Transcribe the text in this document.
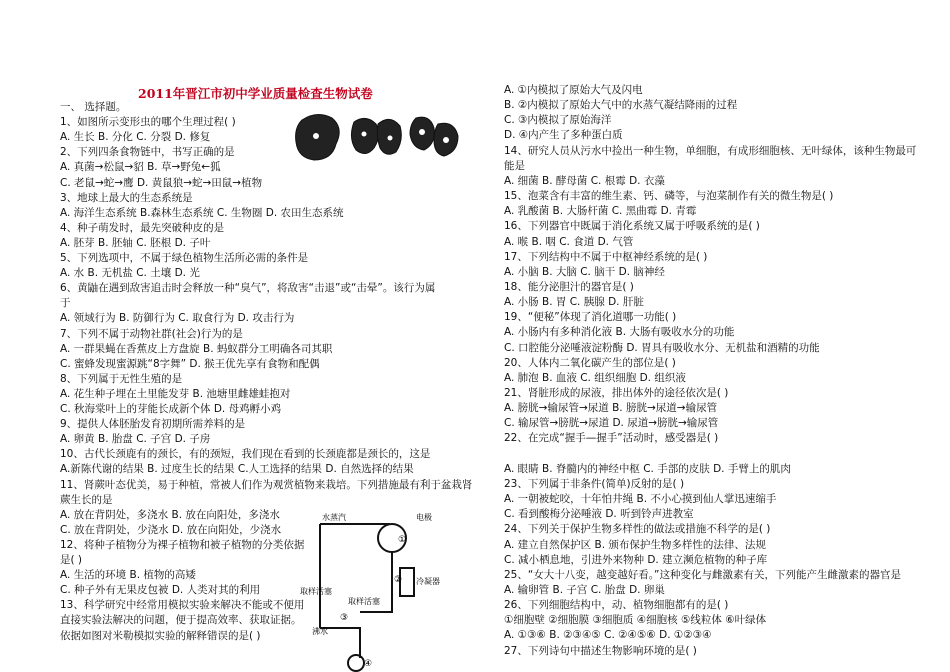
2011年晋江市初中学业质量检查生物试卷
一、 选择题。
1、如图所示变形虫的哪个生理过程( )
A. 生长 B. 分化 C. 分裂 D. 修复
2、下列四条食物链中，书写正确的是
A. 真菌→松鼠→貂 B. 草→野兔←狐
C. 老鼠→蛇→鹰 D. 黄鼠狼→蛇→田鼠→植物
3、地球上最大的生态系统是
A. 海洋生态系统 B.森林生态系统 C. 生物圈 D. 农田生态系统
4、种子萌发时，最先突破种皮的是
A. 胚芽 B. 胚轴 C. 胚根 D. 子叶
5、下列选项中，不属于绿色植物生活所必需的条件是
A. 水 B. 无机盐 C. 土壤 D. 光
6、黄鼬在遇到敌害追击时会释放一种“臭气”，将敌害“击退”或“击晕”。该行为属
于
A. 领域行为 B. 防御行为 C. 取食行为 D. 攻击行为
7、下列不属于动物社群(社会)行为的是
A. 一群果蝇在香蕉皮上方盘旋 B. 蚂蚁群分工明确各司其职
C. 蜜蜂发现蜜源跳“8字舞” D. 猴王优先享有食物和配偶
8、下列属于无性生殖的是
A. 花生种子埋在土里能发芽 B. 池塘里雌雄蛙抱对
C. 秋海棠叶上的芽能长成新个体 D. 母鸡孵小鸡
9、提供人体胚胎发育初期所需养料的是
A. 卵黄 B. 胎盘 C. 子宫 D. 子房
10、古代长颈鹿有的颈长，有的颈短，我们现在看到的长颈鹿都是颈长的，这是
A.新陈代谢的结果 B. 过度生长的结果 C.人工选择的结果 D. 自然选择的结果
11、肾蕨叶态优美，易于种植，常被人们作为观赏植物来栽培。下列措施最有利于盆栽肾
蕨生长的是
A. 放在背阴处，多浇水 B. 放在向阳处，多浇水
C. 放在背阴处，少浇水 D. 放在向阳处，少浇水
12、将种子植物分为裸子植物和被子植物的分类依据
是( )
A. 生活的环境 B. 植物的高矮
C. 种子外有无果皮包被 D. 人类对其的利用
13、科学研究中经常用模拟实验来解决不能或不便用
直接实验法解决的问题，便于提高效率、获取证据。
依据如图对米勒模拟实验的解释错误的是( )
A. ①内模拟了原始大气及闪电
B. ②内模拟了原始大气中的水蒸气凝结降雨的过程
C. ③内模拟了原始海洋
D. ④内产生了多种蛋白质
14、研究人员从污水中捡出一种生物，单细胞，有成形细胞核、无叶绿体，该种生物最可
能是
A. 细菌 B. 酵母菌 C. 根霉 D. 衣藻
15、泡菜含有丰富的维生素、钙、磷等，与泡菜制作有关的微生物是( )
A. 乳酸菌 B. 大肠杆菌 C. 黑曲霉 D. 青霉
16、下列器官中既属于消化系统又属于呼吸系统的是( )
A. 喉 B. 咽 C. 食道 D. 气管
17、下列结构中不属于中枢神经系统的是( )
A. 小脑 B. 大脑 C. 脑干 D. 脑神经
18、能分泌胆汁的器官是( )
A. 小肠 B. 胃 C. 胰腺 D. 肝脏
19、“便秘”体现了消化道哪一功能( )
A. 小肠内有多种消化液 B. 大肠有吸收水分的功能
C. 口腔能分泌唾液淀粉酶 D. 胃具有吸收水分、无机盐和酒精的功能
20、人体内二氧化碳产生的部位是( )
A. 肺泡 B. 血液 C. 组织细胞 D. 组织液
21、肾脏形成的尿液，排出体外的途径依次是( )
A. 膀胱→输尿管→尿道 B. 膀胱→尿道→输尿管
C. 输尿管→膀胱→尿道 D. 尿道→膀胱→输尿管
22、在完成“握手—握手”活动时，感受器是( )
A. 眼睛 B. 脊髓内的神经中枢 C. 手部的皮肤 D. 手臂上的肌肉
23、下列属于非条件(简单)反射的是( )
A. 一朝被蛇咬，十年怕井绳 B. 不小心摸到仙人掌迅速缩手
C. 看到酸梅分泌唾液 D. 听到铃声进教室
24、下列关于保护生物多样性的做法或措施不科学的是( )
A. 建立自然保护区 B. 颁布保护生物多样性的法律、法规
C. 减小栖息地，引进外来物种 D. 建立濒危植物的种子库
25、“女大十八变，越变越好看。”这种变化与雌激素有关，下列能产生雌激素的器官是
A. 输卵管 B. 子宫 C. 胎盘 D. 卵巢
26、下列细胞结构中，动、植物细胞都有的是( )
①细胞壁 ②细胞膜 ③细胞质 ④细胞核 ⑤线粒体 ⑥叶绿体
A. ①③⑥ B. ②③④⑤ C. ②④⑤⑥ D. ①②③④
27、下列诗句中描述生物影响环境的是( )
水蒸汽	电极
冷凝器
取样活塞
取样活塞
沸水
①
②
③
④
